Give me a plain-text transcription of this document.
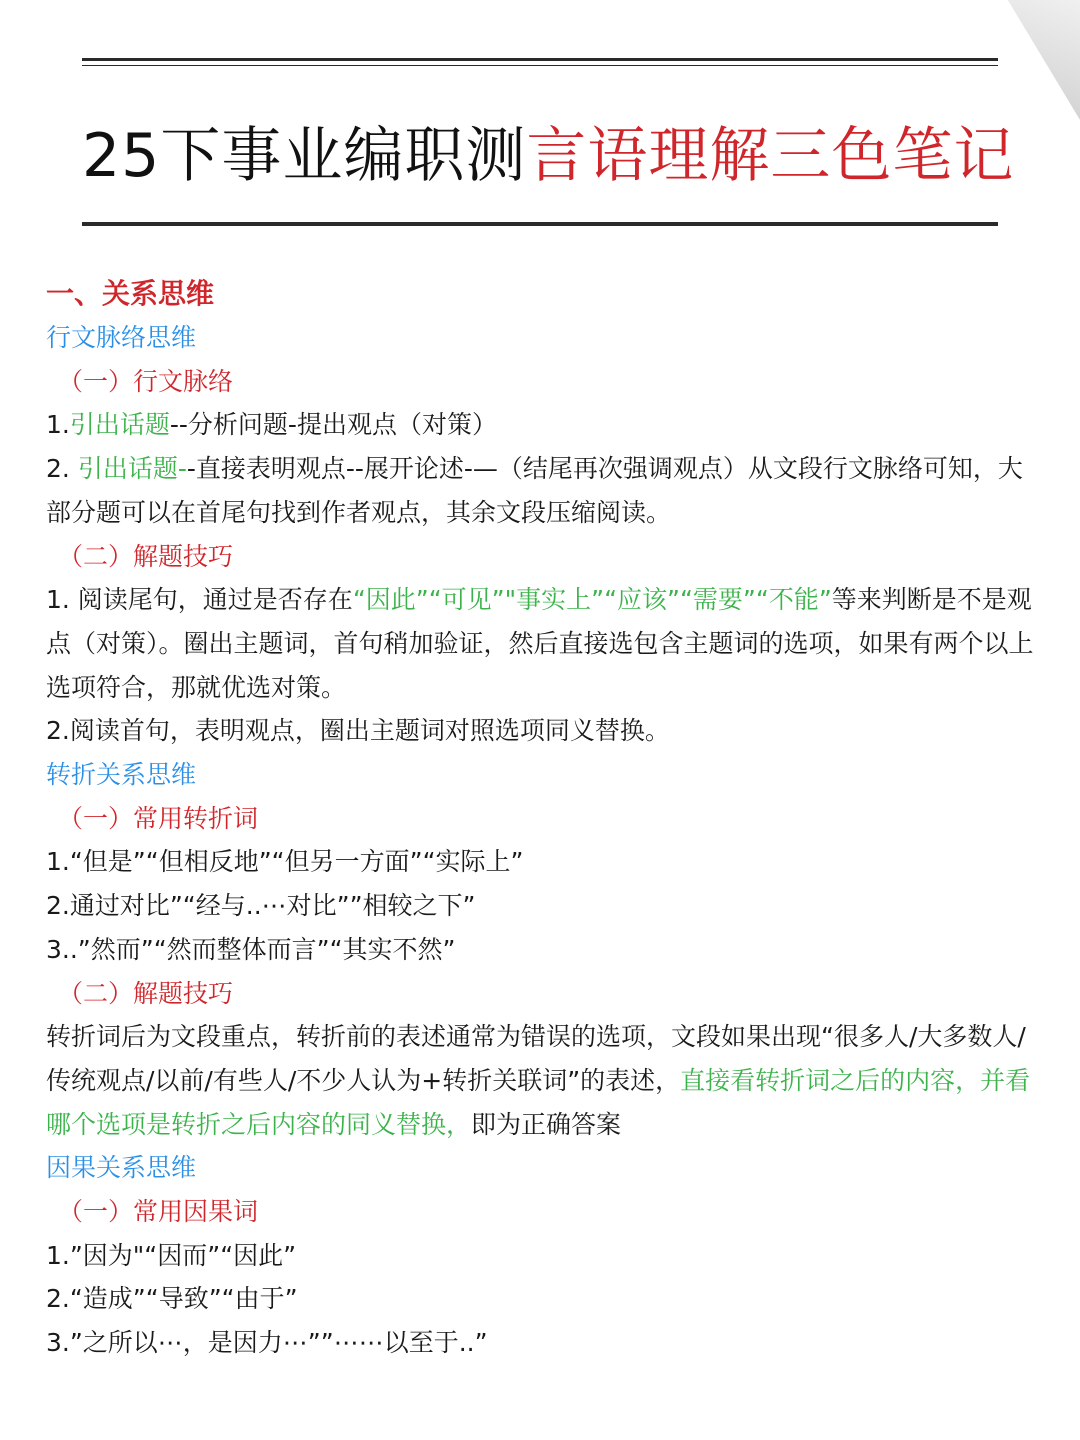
25下事业编职测言语理解三色笔记
一、关系思维
行文脉络思维
（一）行文脉络
1.引出话题--分析问题-提出观点（对策）
2. 引出话题--直接表明观点--展开论述-—（结尾再次强调观点）从文段行文脉络可知，大部分题可以在首尾句找到作者观点，其余文段压缩阅读。
（二）解题技巧
1. 阅读尾句，通过是否存在“因此”“可见”"事实上”“应该”“需要”“不能”等来判断是不是观点（对策）。圈出主题词，首句稍加验证，然后直接选包含主题词的选项，如果有两个以上选项符合，那就优选对策。
2.阅读首句，表明观点，圈出主题词对照选项同义替换。
转折关系思维
（一）常用转折词
1.“但是”“但相反地”“但另一方面”“实际上”
2.通过对比”“经与..⋯对比””相较之下”
3..”然而”“然而整体而言”“其实不然”
（二）解题技巧
转折词后为文段重点，转折前的表述通常为错误的选项，文段如果出现“很多人/大多数人/传统观点/以前/有些人/不少人认为+转折关联词”的表述，直接看转折词之后的内容，并看哪个选项是转折之后内容的同义替换，即为正确答案
因果关系思维
（一）常用因果词
1.”因为"“因而”“因此”
2.“造成”“导致”“由于”
3.”之所以⋯，是因力⋯””⋯⋯以至于..”
